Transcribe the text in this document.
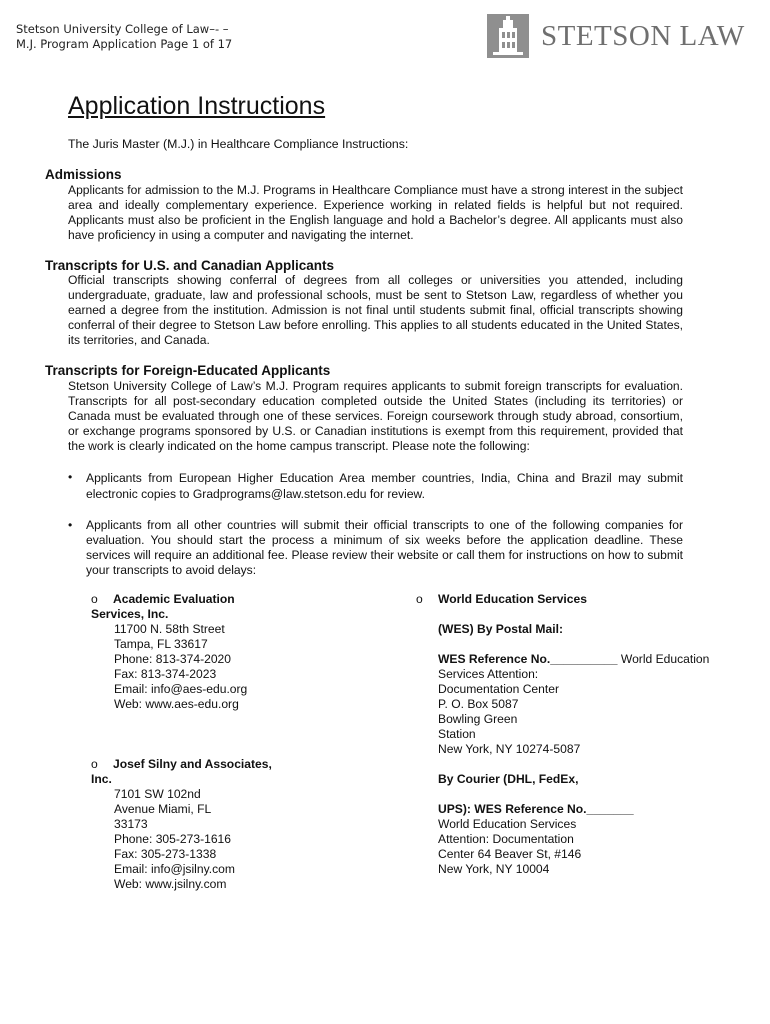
Stetson University College of Law–- –
M.J. Program Application Page 1 of 17	STETSON LAW
Application Instructions
The Juris Master (M.J.) in Healthcare Compliance Instructions:
Admissions
Applicants for admission to the M.J. Programs in Healthcare Compliance must have a strong interest in the subject area and ideally complementary experience. Experience working in related fields is helpful but not required. Applicants must also be proficient in the English language and hold a Bachelor’s degree. All applicants must also have proficiency in using a computer and navigating the internet.
Transcripts for U.S. and Canadian Applicants
Official transcripts showing conferral of degrees from all colleges or universities you attended, including undergraduate, graduate, law and professional schools, must be sent to Stetson Law, regardless of whether you earned a degree from the institution. Admission is not final until students submit final, official transcripts showing conferral of their degree to Stetson Law before enrolling. This applies to all students educated in the United States, its territories, and Canada.
Transcripts for Foreign-Educated Applicants
Stetson University College of Law’s M.J. Program requires applicants to submit foreign transcripts for evaluation. Transcripts for all post-secondary education completed outside the United States (including its territories) or Canada must be evaluated through one of these services. Foreign coursework through study abroad, consortium, or exchange programs sponsored by U.S. or Canadian institutions is exempt from this requirement, provided that the work is clearly indicated on the home campus transcript. Please note the following:
• Applicants from European Higher Education Area member countries, India, China and Brazil may submit electronic copies to Gradprograms@law.stetson.edu for review.
• Applicants from all other countries will submit their official transcripts to one of the following companies for evaluation. You should start the process a minimum of six weeks before the application deadline. These services will require an additional fee. Please review their website or call them for instructions on how to submit your transcripts to avoid delays:
o Academic Evaluation
Services, Inc.
11700 N. 58th Street
Tampa, FL 33617
Phone: 813-374-2020
Fax: 813-374-2023
Email: info@aes-edu.org
Web: www.aes-edu.org
o Josef Silny and Associates,
Inc.
7101 SW 102nd
Avenue Miami, FL
33173
Phone: 305-273-1616
Fax: 305-273-1338
Email: info@jsilny.com
Web: www.jsilny.com
o World Education Services
(WES) By Postal Mail:
WES Reference No.__________ World Education
Services Attention:
Documentation Center
P. O. Box 5087
Bowling Green
Station
New York, NY 10274-5087
By Courier (DHL, FedEx,
UPS): WES Reference No._______
World Education Services
Attention: Documentation
Center 64 Beaver St, #146
New York, NY 10004
